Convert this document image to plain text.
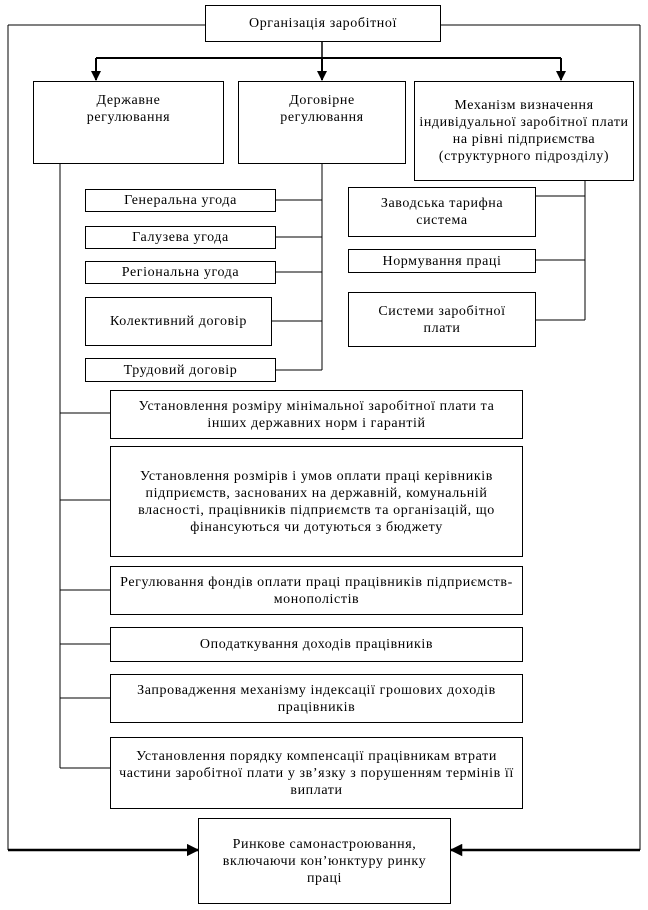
Організація заробітної
Державне регулювання
Договірне регулювання
Механізм визначення індивідуальної заробітної плати на рівні підприємства (структурного підрозділу)
Генеральна угода
Галузева угода
Регіональна угода
Колективний договір
Трудовий договір
Заводська тарифна система
Нормування праці
Системи заробітної плати
Установлення розміру мінімальної заробітної плати та інших державних норм і гарантій
Установлення розмірів і умов оплати праці керівників підприємств, заснованих на державній, комунальній власності, працівників підприємств та організацій, що фінансуються чи дотуються з бюджету
Регулювання фондів оплати праці працівників підприємств-монополістів
Оподаткування доходів працівників
Запровадження механізму індексації грошових доходів працівників
Установлення порядку компенсації працівникам втрати частини заробітної плати у зв’язку з порушенням термінів її виплати
Ринкове самонастроювання, включаючи кон’юнктуру ринку праці
